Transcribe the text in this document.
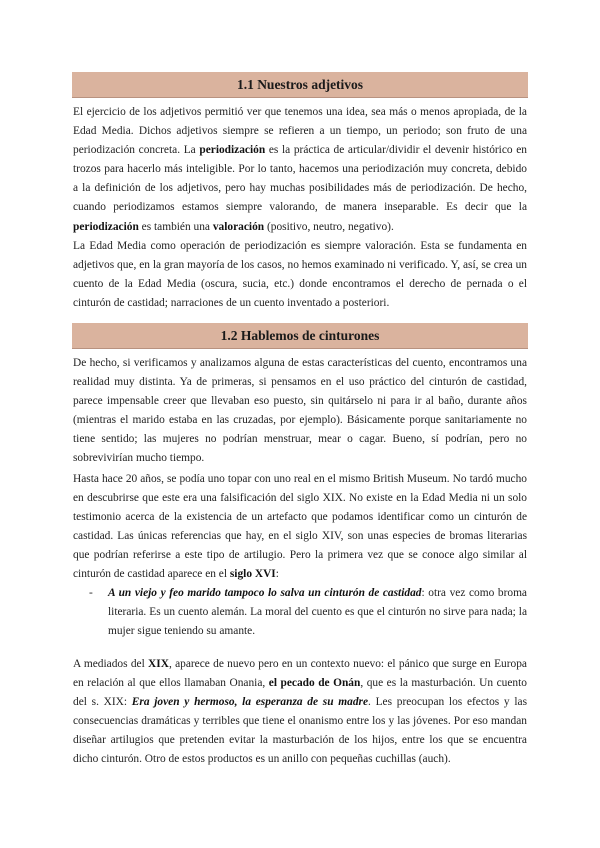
1.1 Nuestros adjetivos

El ejercicio de los adjetivos permitió ver que tenemos una idea, sea más o menos apropiada, de la Edad Media. Dichos adjetivos siempre se refieren a un tiempo, un periodo; son fruto de una periodización concreta. La periodización es la práctica de articular/dividir el devenir histórico en trozos para hacerlo más inteligible. Por lo tanto, hacemos una periodización muy concreta, debido a la definición de los adjetivos, pero hay muchas posibilidades más de periodización. De hecho, cuando periodizamos estamos siempre valorando, de manera inseparable. Es decir que la periodización es también una valoración (positivo, neutro, negativo).

La Edad Media como operación de periodización es siempre valoración. Esta se fundamenta en adjetivos que, en la gran mayoría de los casos, no hemos examinado ni verificado. Y, así, se crea un cuento de la Edad Media (oscura, sucia, etc.) donde encontramos el derecho de pernada o el cinturón de castidad; narraciones de un cuento inventado a posteriori.

1.2 Hablemos de cinturones

De hecho, si verificamos y analizamos alguna de estas características del cuento, encontramos una realidad muy distinta. Ya de primeras, si pensamos en el uso práctico del cinturón de castidad, parece impensable creer que llevaban eso puesto, sin quitárselo ni para ir al baño, durante años (mientras el marido estaba en las cruzadas, por ejemplo). Básicamente porque sanitariamente no tiene sentido; las mujeres no podrían menstruar, mear o cagar. Bueno, sí podrían, pero no sobrevivirían mucho tiempo.

Hasta hace 20 años, se podía uno topar con uno real en el mismo British Museum. No tardó mucho en descubrirse que este era una falsificación del siglo XIX. No existe en la Edad Media ni un solo testimonio acerca de la existencia de un artefacto que podamos identificar como un cinturón de castidad. Las únicas referencias que hay, en el siglo XIV, son unas especies de bromas literarias que podrían referirse a este tipo de artilugio. Pero la primera vez que se conoce algo similar al cinturón de castidad aparece en el siglo XVI:

- A un viejo y feo marido tampoco lo salva un cinturón de castidad: otra vez como broma literaria. Es un cuento alemán. La moral del cuento es que el cinturón no sirve para nada; la mujer sigue teniendo su amante.

A mediados del XIX, aparece de nuevo pero en un contexto nuevo: el pánico que surge en Europa en relación al que ellos llamaban Onania, el pecado de Onán, que es la masturbación. Un cuento del s. XIX: Era joven y hermoso, la esperanza de su madre. Les preocupan los efectos y las consecuencias dramáticas y terribles que tiene el onanismo entre los y las jóvenes. Por eso mandan diseñar artilugios que pretenden evitar la masturbación de los hijos, entre los que se encuentra dicho cinturón. Otro de estos productos es un anillo con pequeñas cuchillas (auch).
